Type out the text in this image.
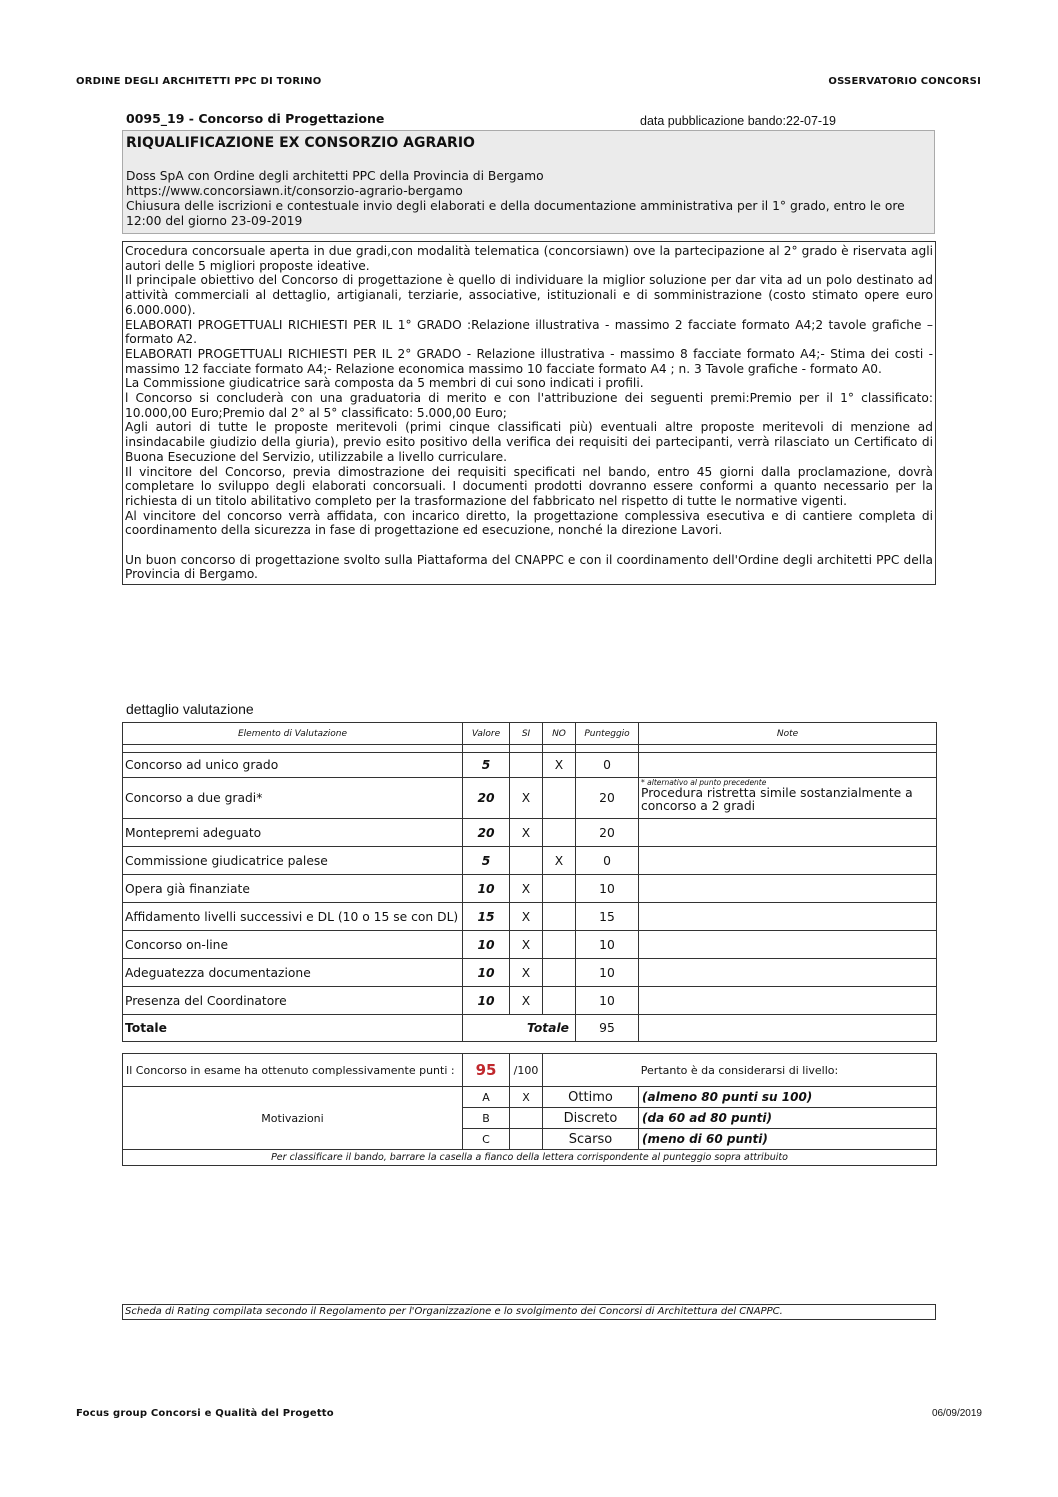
ORDINE DEGLI ARCHITETTI PPC DI TORINO	OSSERVATORIO CONCORSI
0095_19 - Concorso di Progettazione	data pubblicazione bando:22-07-19
RIQUALIFICAZIONE EX CONSORZIO AGRARIO
Doss SpA con Ordine degli architetti PPC della Provincia di Bergamo
https://www.concorsiawn.it/consorzio-agrario-bergamo
Chiusura delle iscrizioni e contestuale invio degli elaborati e della documentazione amministrativa per il 1° grado, entro le ore
12:00 del giorno 23-09-2019

Crocedura concorsuale aperta in due gradi,con modalità telematica (concorsiawn) ove la partecipazione al 2° grado è riservata agli autori delle 5 migliori proposte ideative.

Il principale obiettivo del Concorso di progettazione è quello di individuare la miglior soluzione per dar vita ad un polo destinato ad attività commerciali al dettaglio, artigianali, terziarie, associative, istituzionali e di somministrazione (costo stimato opere euro 6.000.000).

ELABORATI PROGETTUALI RICHIESTI PER IL 1° GRADO :Relazione illustrativa - massimo 2 facciate formato A4;2 tavole grafiche – formato A2.

ELABORATI PROGETTUALI RICHIESTI PER IL 2° GRADO - Relazione illustrativa - massimo 8 facciate formato A4;- Stima dei costi - massimo 12 facciate formato A4;- Relazione economica massimo 10 facciate formato A4 ; n. 3 Tavole grafiche - formato A0.

La Commissione giudicatrice sarà composta da 5 membri di cui sono indicati i profili.

l Concorso si concluderà con una graduatoria di merito e con l'attribuzione dei seguenti premi:Premio per il 1° classificato: 10.000,00 Euro;Premio dal 2° al 5° classificato: 5.000,00 Euro;

Agli autori di tutte le proposte meritevoli (primi cinque classificati più) eventuali altre proposte meritevoli di menzione ad insindacabile giudizio della giuria), previo esito positivo della verifica dei requisiti dei partecipanti, verrà rilasciato un Certificato di Buona Esecuzione del Servizio, utilizzabile a livello curriculare.

Il vincitore del Concorso, previa dimostrazione dei requisiti specificati nel bando, entro 45 giorni dalla proclamazione, dovrà completare lo sviluppo degli elaborati concorsuali. I documenti prodotti dovranno essere conformi a quanto necessario per la richiesta di un titolo abilitativo completo per la trasformazione del fabbricato nel rispetto di tutte le normative vigenti.

Al vincitore del concorso verrà affidata, con incarico diretto, la progettazione complessiva esecutiva e di cantiere completa di coordinamento della sicurezza in fase di progettazione ed esecuzione, nonché la direzione Lavori.

Un buon concorso di progettazione svolto sulla Piattaforma del CNAPPC e con il coordinamento dell'Ordine degli architetti PPC della Provincia di Bergamo.

dettaglio valutazione
Elemento di Valutazione	Valore	SI	NO	Punteggio	Note

Concorso ad unico grado	5		X	0	
Concorso a due gradi*	20	X		20	* alternativo al punto precedente
Procedura ristretta simile sostanzialmente a concorso a 2 gradi

Montepremi adeguato	20	X		20	
Commissione giudicatrice palese	5		X	0	
Opera già finanziate	10	X		10	
Affidamento livelli successivi e DL (10 o 15 se con DL)	15	X		15	
Concorso on-line	10	X		10	
Adeguatezza documentazione	10	X		10	
Presenza del Coordinatore	10	X		10	
Totale	Totale			95	
Il Concorso in esame ha ottenuto complessivamente punti :	95	/100	Pertanto è da considerarsi di livello:	
Motivazioni	A	X	Ottimo	(almeno 80 punti su 100)
	B		Discreto	(da 60 ad 80 punti)
	C		Scarso	(meno di 60 punti)
Per classificare il bando, barrare la casella a fianco della lettera corrispondente al punteggio sopra attribuito				
Scheda di Rating compilata secondo il Regolamento per l'Organizzazione e lo svolgimento dei Concorsi di Architettura del CNAPPC.
Focus group Concorsi e Qualità del Progetto	06/09/2019
